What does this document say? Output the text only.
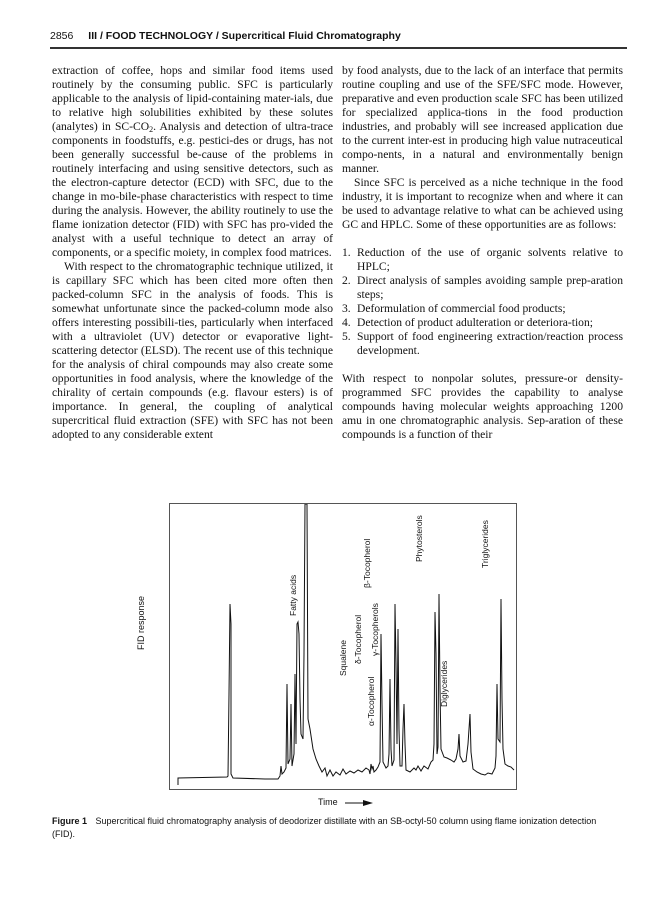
2856 III / FOOD TECHNOLOGY / Supercritical Fluid Chromatography

extraction of coffee, hops and similar food items used routinely by the consuming public. SFC is particularly applicable to the analysis of lipid-containing mater-ials, due to relative high solubilities exhibited by these solutes (analytes) in $SC-CO_2$. Analysis and detection of ultra-trace components in foodstuffs, e.g. pestici-des or drugs, has not been generally successful be-cause of the problems in routinely interfacing and using sensitive detectors, such as the electron-capture detector (ECD) with SFC, due to the change in mo-bile-phase characteristics with respect to time during the analysis. However, the ability routinely to use the flame ionization detector (FID) with SFC has pro-vided the analyst with a useful technique to detect an array of components, or a specific moiety, in complex food matrices.

With respect to the chromatographic technique utilized, it is capillary SFC which has been cited more often then packed-column SFC in the analysis of foods. This is somewhat unfortunate since the packed-column mode also offers interesting possibili-ties, particularly when interfaced with a ultraviolet (UV) detector or evaporative light-scattering detector (ELSD). The recent use of this technique for the analysis of chiral compounds may also create some opportunities in food analysis, where the knowledge of the chirality of certain compounds (e.g. flavour esters) is of importance. In general, the coupling of analytical supercritical fluid extraction (SFE) with SFC has not been adopted to any considerable extent

by food analysts, due to the lack of an interface that permits routine coupling and use of the SFE/SFC mode. However, preparative and even production scale SFC has been utilized for specialized applica-tions in the food production industries, and probably will see increased application due to the current inter-est in producing high value nutraceutical compo-nents, in a natural and environmentally benign manner.

Since SFC is perceived as a niche technique in the food industry, it is important to recognize when and where it can be used to advantage relative to what can be achieved using GC and HPLC. Some of these opportunities are as follows:

1. Reduction of the use of organic solvents relative to HPLC;
2. Direct analysis of samples avoiding sample prep-aration steps;
3. Deformulation of commercial food products;
4. Detection of product adulteration or deteriora-tion;
5. Support of food engineering extraction/reaction process development.

With respect to nonpolar solutes, pressure-or density-programmed SFC provides the capability to analyse compounds having molecular weights approaching 1200 amu in one chromatographic analysis. Sep-aration of these compounds is a function of their

FID response
Fatty acids
Squalene δ-Tocopherol
β-Tocopherol
γ-Tocopherols
α-Tocopherol
Phytosterols
Diglycerides
Triglycerides
Time
Figure 1 Supercritical fluid chromatography analysis of deodorizer distillate with an SB-octyl-50 column using flame ionization detection (FID).
